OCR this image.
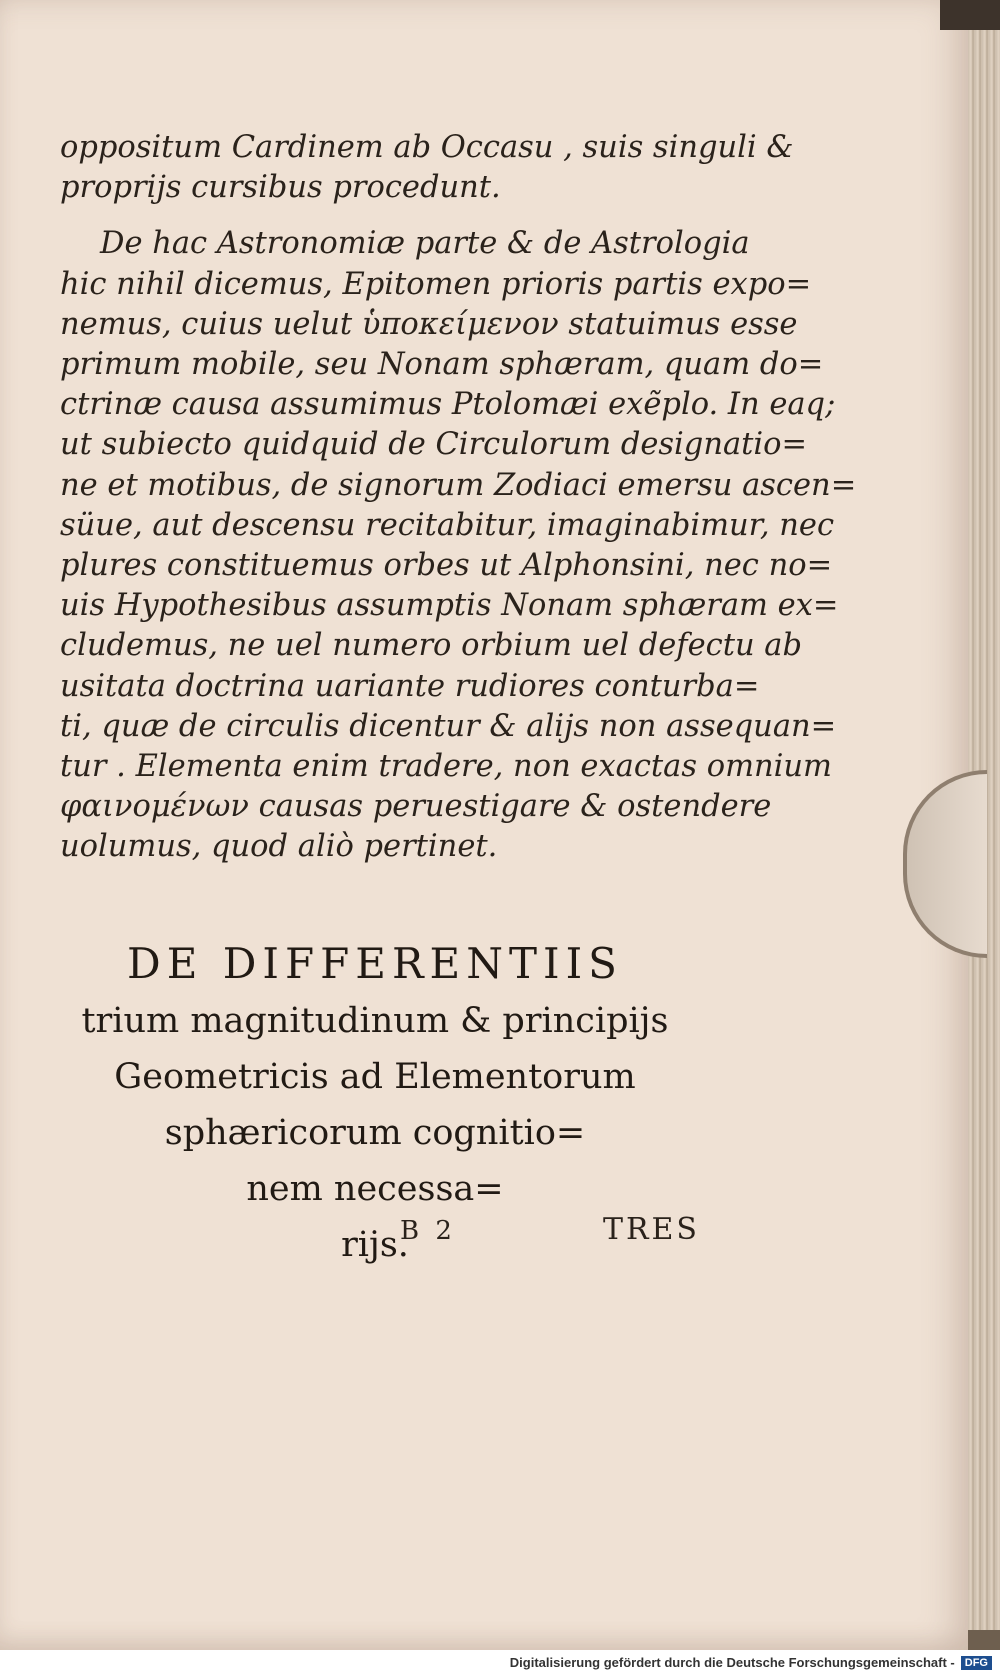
oppositum Cardinem ab Occasu , suis singuli &
proprijs cursibus procedunt.
De hac Astronomiæ parte & de Astrologia
hic nihil dicemus, Epitomen prioris partis expo=
nemus, cuius uelut ὑποκείμενον statuimus esse
primum mobile, seu Nonam sphæram, quam do=
ctrinæ causa assumimus Ptolomæi exẽplo. In eaq;
ut subiecto quidquid de Circulorum designatio=
ne et motibus, de signorum Zodiaci emersu ascen=
süue, aut descensu recitabitur, imaginabimur, nec
plures constituemus orbes ut Alphonsini, nec no=
uis Hypothesibus assumptis Nonam sphæram ex=
cludemus, ne uel numero orbium uel defectu ab
usitata doctrina uariante rudiores conturba=
ti, quæ de circulis dicentur & alijs non assequan=
tur . Elementa enim tradere, non exactas omnium
φαινομένων causas peruestigare & ostendere
uolumus, quod aliò pertinet.
DE DIFFERENTIIS
trium magnitudinum & principijs
Geometricis ad Elementorum
sphæricorum cognitio=
nem necessa=
rijs.
B 2	TRES
Digitalisierung gefördert durch die Deutsche Forschungsgemeinschaft - DFG
